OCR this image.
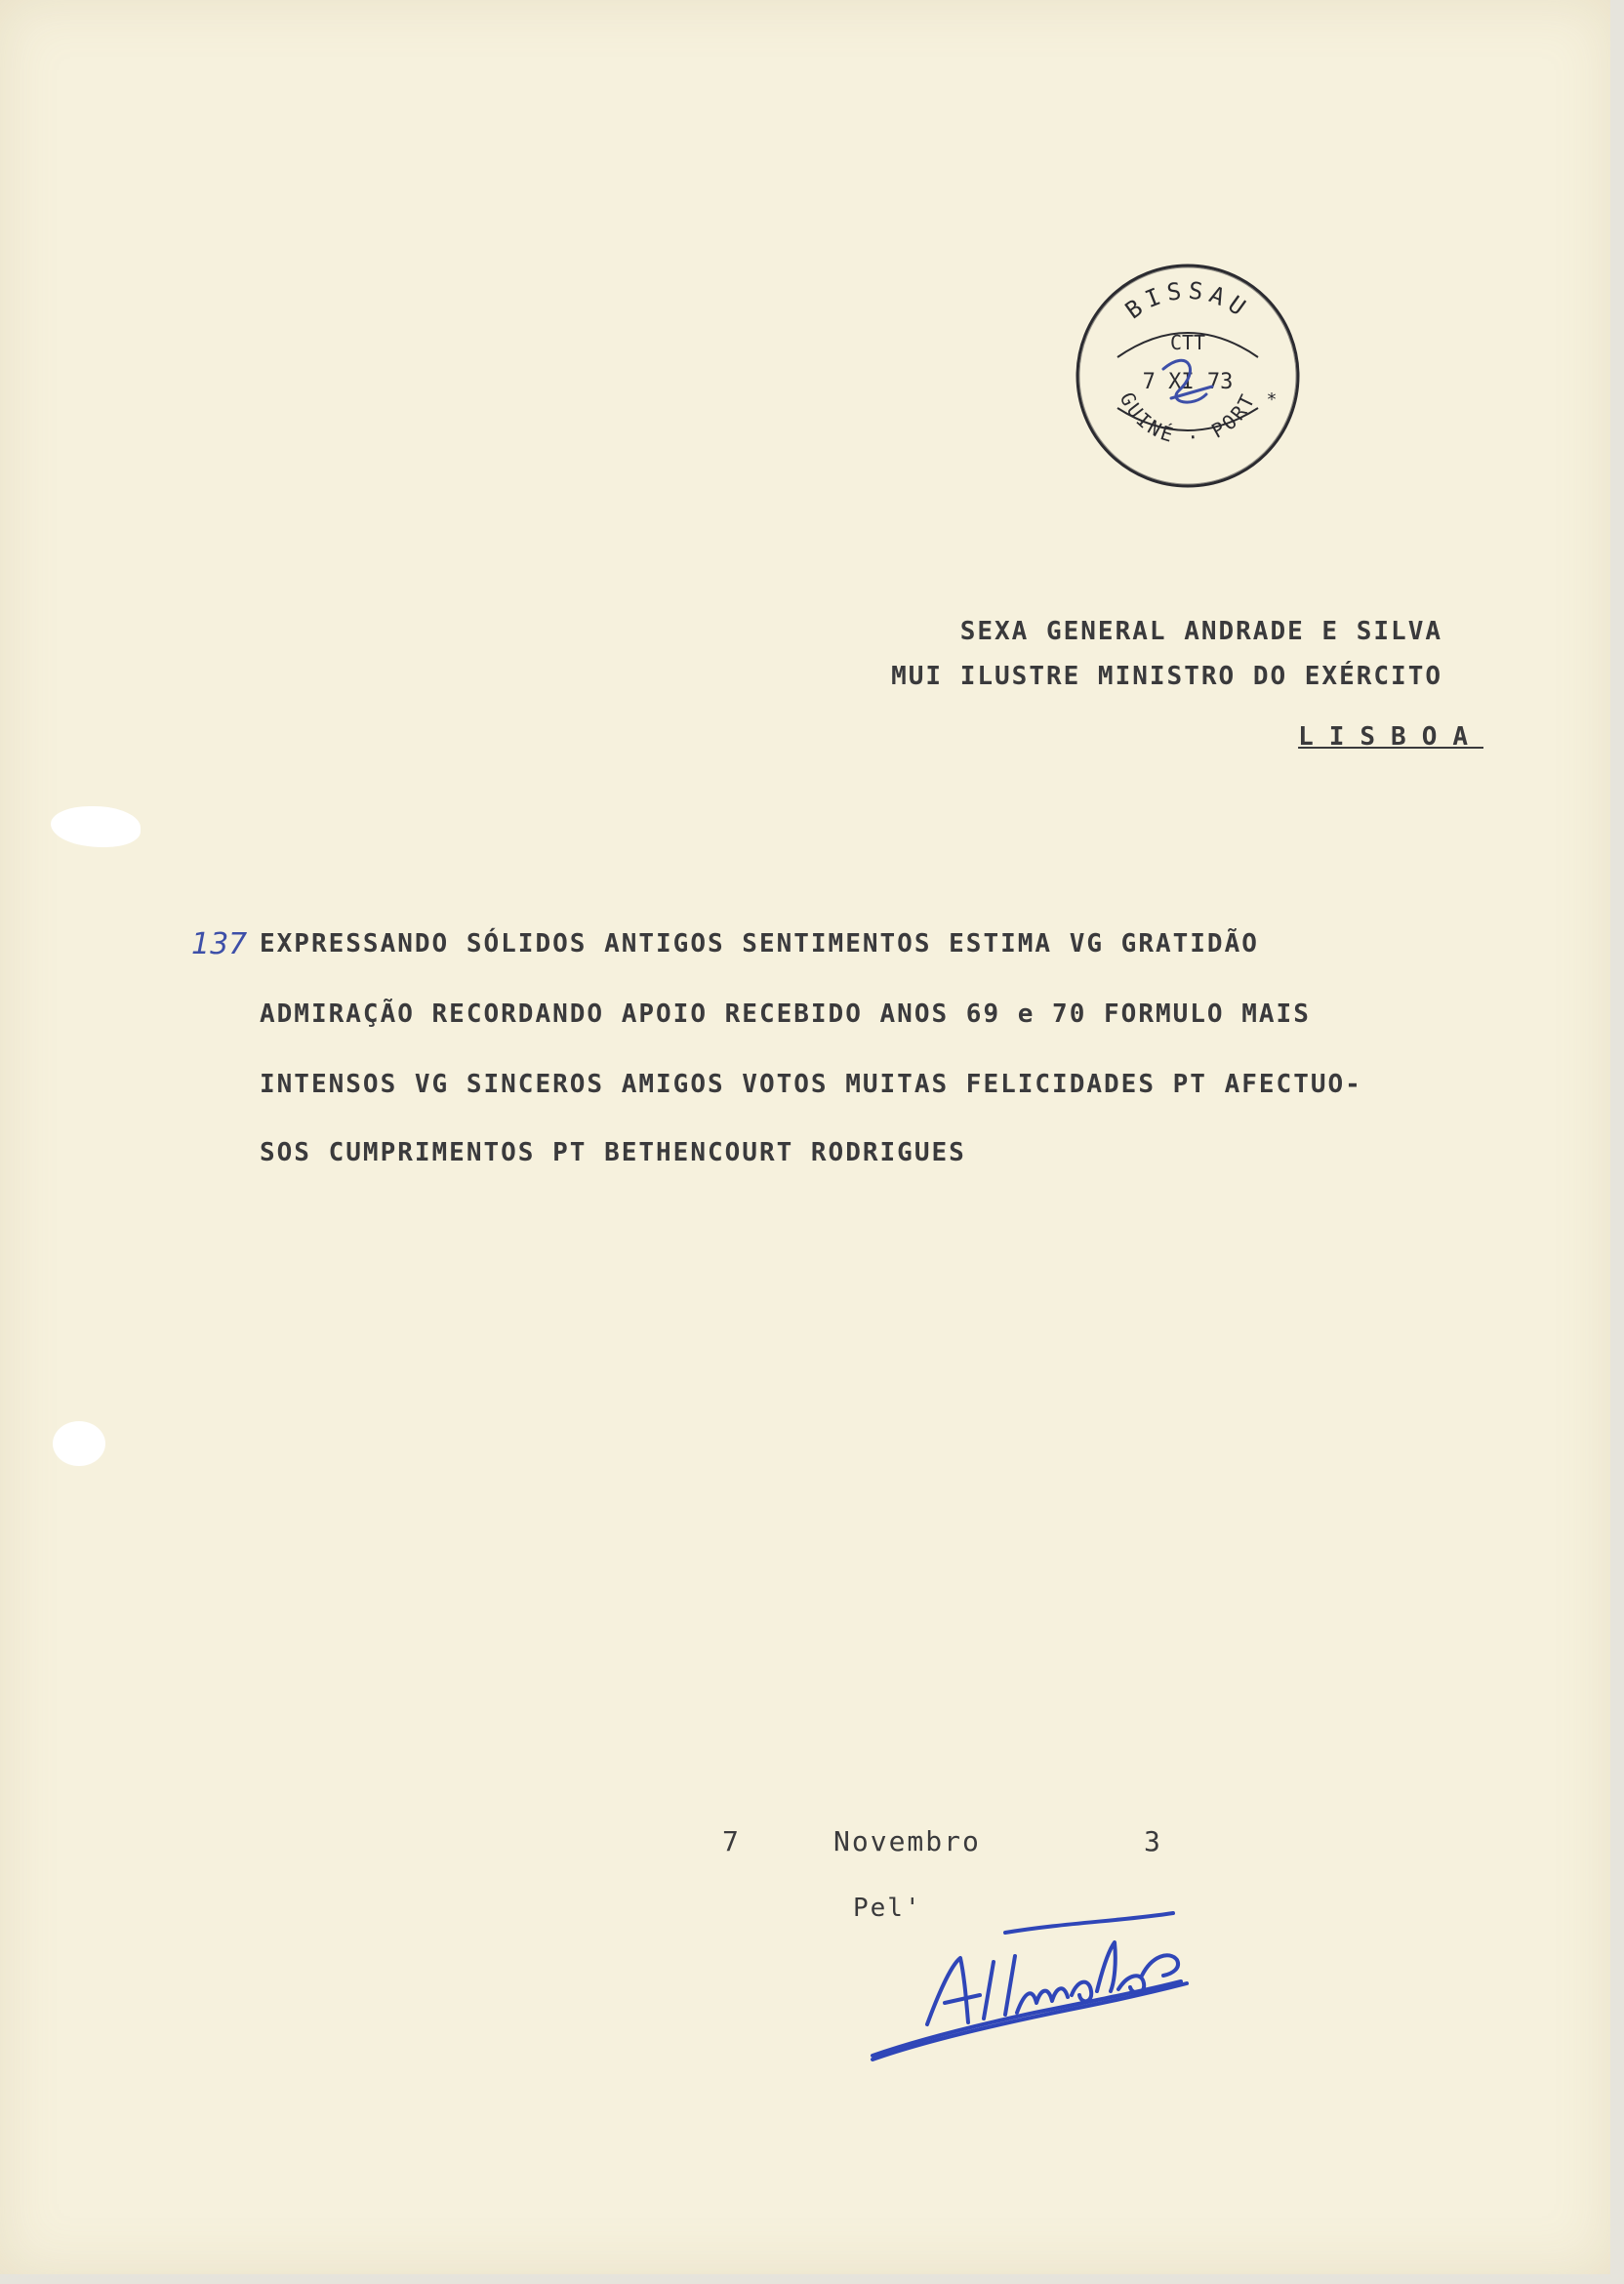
BISSAU
GUINÉ · PORT
CTT
7 XI 73
*
SEXA GENERAL ANDRADE E SILVA
MUI ILUSTRE MINISTRO DO EXÉRCITO
LISBOA
137 EXPRESSANDO SÓLIDOS ANTIGOS SENTIMENTOS ESTIMA VG GRATIDÃO
ADMIRAÇÃO RECORDANDO APOIO RECEBIDO ANOS 69 e 70 FORMULO MAIS
INTENSOS VG SINCEROS AMIGOS VOTOS MUITAS FELICIDADES PT AFECTUO-
SOS CUMPRIMENTOS PT BETHENCOURT RODRIGUES
7	Novembro	3
Pel'
